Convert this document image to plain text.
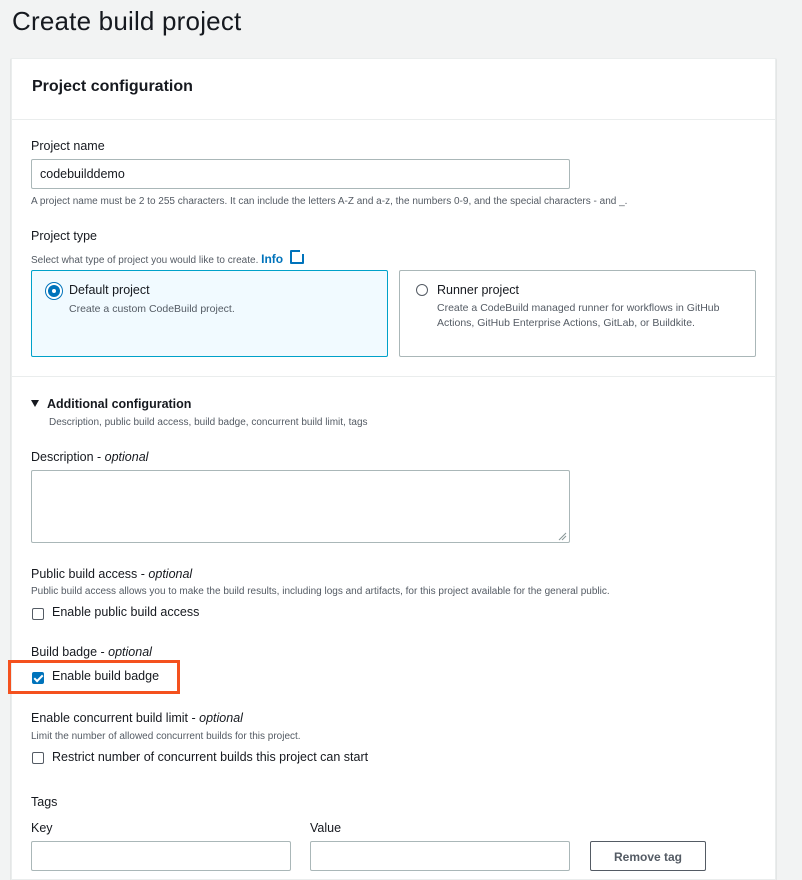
Create build project
Project configuration
Project name
codebuilddemo
A project name must be 2 to 255 characters. It can include the letters A-Z and a-z, the numbers 0-9, and the special characters - and _.
Project type
Select what type of project you would like to create. Info
Default project
Create a custom CodeBuild project.
Runner project
Create a CodeBuild managed runner for workflows in GitHub Actions, GitHub Enterprise Actions, GitLab, or Buildkite.
Additional configuration
Description, public build access, build badge, concurrent build limit, tags
Description - optional
Public build access - optional
Public build access allows you to make the build results, including logs and artifacts, for this project available for the general public.
Enable public build access
Build badge - optional
Enable build badge
Enable concurrent build limit - optional
Limit the number of allowed concurrent builds for this project.
Restrict number of concurrent builds this project can start
Tags
Key	Value
Remove tag
